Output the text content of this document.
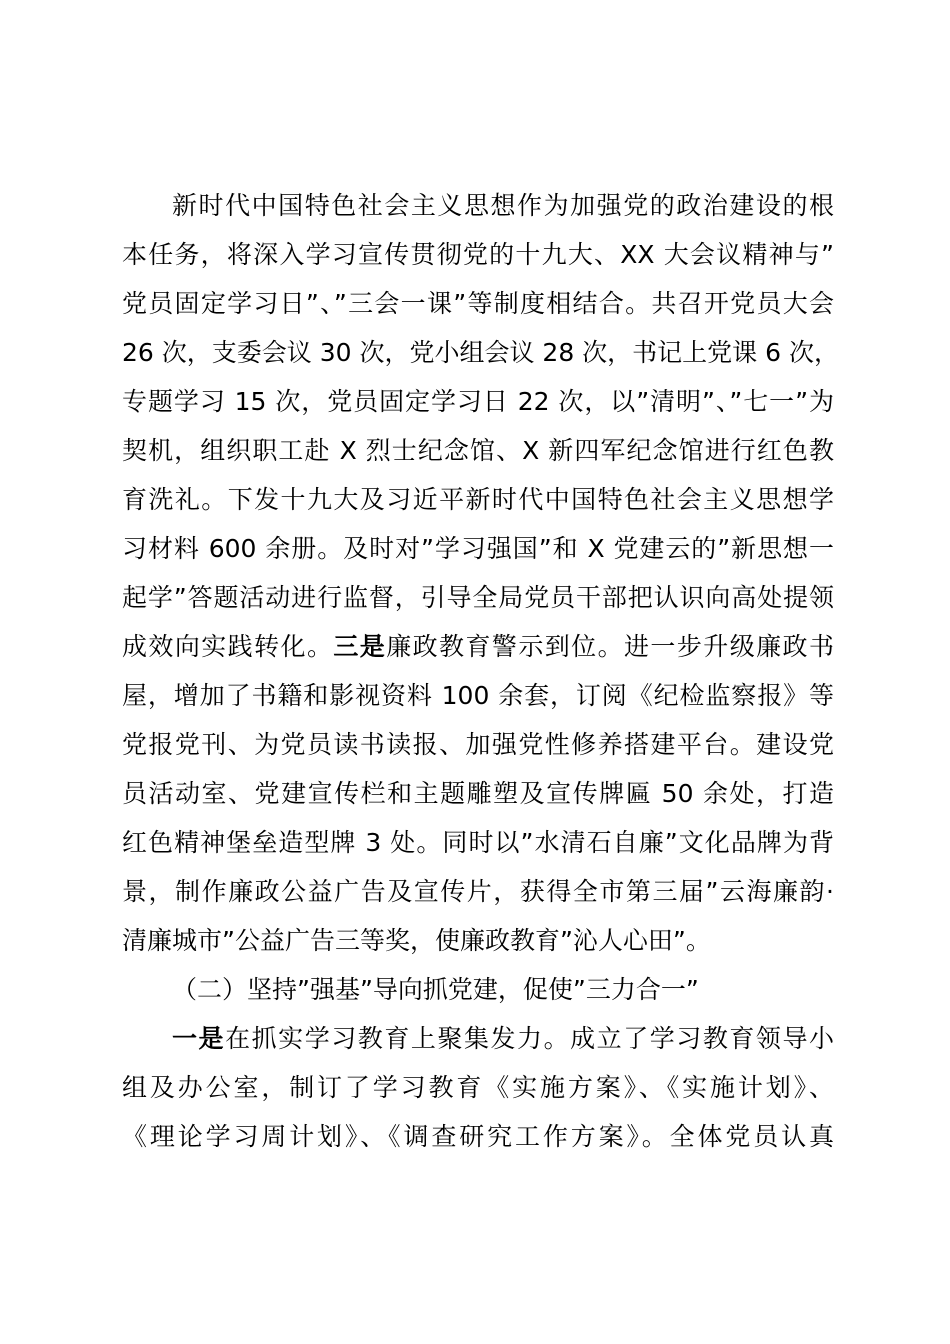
新时代中国特色社会主义思想作为加强党的政治建设的根
本任务，将深入学习宣传贯彻党的十九大、XX 大会议精神与”
党员固定学习日”、”三会一课”等制度相结合。共召开党员大会
26 次，支委会议 30 次，党小组会议 28 次，书记上党课 6 次，
专题学习 15 次，党员固定学习日 22 次，以”清明”、”七一”为
契机，组织职工赴 X 烈士纪念馆、X 新四军纪念馆进行红色教
育洗礼。下发十九大及习近平新时代中国特色社会主义思想学
习材料 600 余册。及时对”学习强国”和 X 党建云的”新思想一
起学”答题活动进行监督，引导全局党员干部把认识向高处提领
成效向实践转化。三是廉政教育警示到位。进一步升级廉政书
屋，增加了书籍和影视资料 100 余套，订阅《纪检监察报》等
党报党刊、为党员读书读报、加强党性修养搭建平台。建设党
员活动室、党建宣传栏和主题雕塑及宣传牌匾 50 余处，打造
红色精神堡垒造型牌 3 处。同时以”水清石自廉”文化品牌为背
景，制作廉政公益广告及宣传片，获得全市第三届”云海廉韵·
清廉城市”公益广告三等奖，使廉政教育”沁人心田”。
（二）坚持”强基”导向抓党建，促使”三力合一”
一是在抓实学习教育上聚集发力。成立了学习教育领导小
组及办公室，制订了学习教育《实施方案》、《实施计划》、
《理论学习周计划》、《调查研究工作方案》。全体党员认真
